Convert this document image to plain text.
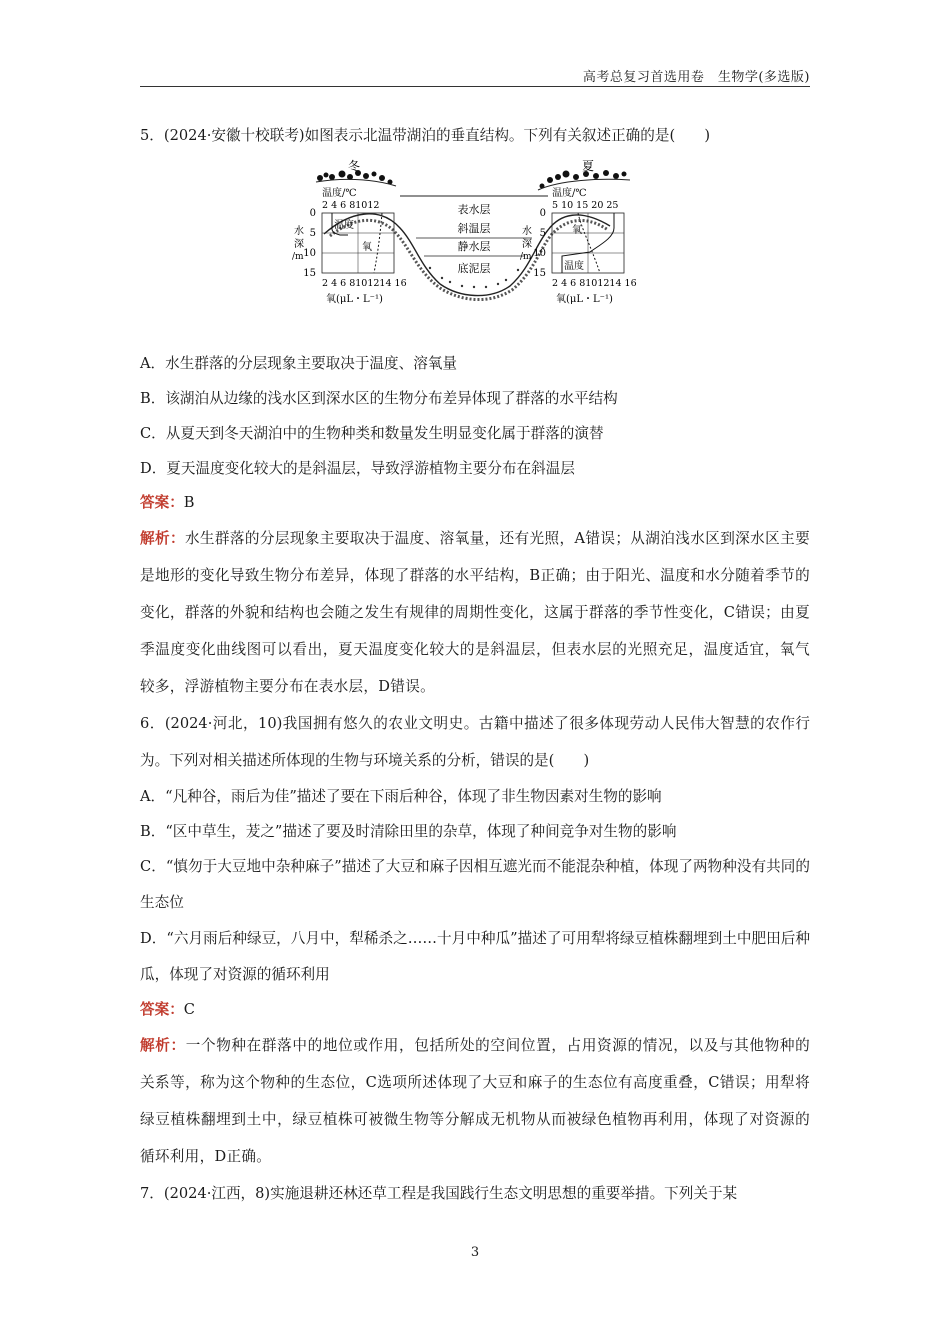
高考总复习首选用卷　生物学(多选版)

5．(2024·安徽十校联考)如图表示北温带湖泊的垂直结构。下列有关叙述正确的是(　　)

冬	夏
表水层
斜温层
静水层
底泥层
温度/℃
2 4 6 81012
温度
氧
0
5
10
15
水
深
/m
2 4 6 8101214 16
氧(μL・L⁻¹)
温度/℃
5 10 15 20 25
氧
温度
0
5
10
15
水
深
/m
2 4 6 8101214 16
氧(μL・L⁻¹)

A．水生群落的分层现象主要取决于温度、溶氧量

B．该湖泊从边缘的浅水区到深水区的生物分布差异体现了群落的水平结构

C．从夏天到冬天湖泊中的生物种类和数量发生明显变化属于群落的演替

D．夏天温度变化较大的是斜温层，导致浮游植物主要分布在斜温层

答案：B

解析：水生群落的分层现象主要取决于温度、溶氧量，还有光照，A错误；从湖泊浅水区到深水区主要是地形的变化导致生物分布差异，体现了群落的水平结构，B正确；由于阳光、温度和水分随着季节的变化，群落的外貌和结构也会随之发生有规律的周期性变化，这属于群落的季节性变化，C错误；由夏季温度变化曲线图可以看出，夏天温度变化较大的是斜温层，但表水层的光照充足，温度适宜，氧气较多，浮游植物主要分布在表水层，D错误。

6．(2024·河北，10)我国拥有悠久的农业文明史。古籍中描述了很多体现劳动人民伟大智慧的农作行为。下列对相关描述所体现的生物与环境关系的分析，错误的是(　　)

A．“凡种谷，雨后为佳”描述了要在下雨后种谷，体现了非生物因素对生物的影响

B．“区中草生，茇之”描述了要及时清除田里的杂草，体现了种间竞争对生物的影响

C．“慎勿于大豆地中杂种麻子”描述了大豆和麻子因相互遮光而不能混杂种植，体现了两物种没有共同的生态位

D．“六月雨后种绿豆，八月中，犁稀杀之……十月中种瓜”描述了可用犁将绿豆植株翻埋到土中肥田后种瓜，体现了对资源的循环利用

答案：C

解析：一个物种在群落中的地位或作用，包括所处的空间位置，占用资源的情况，以及与其他物种的关系等，称为这个物种的生态位，C选项所述体现了大豆和麻子的生态位有高度重叠，C错误；用犁将绿豆植株翻埋到土中，绿豆植株可被微生物等分解成无机物从而被绿色植物再利用，体现了对资源的循环利用，D正确。

7．(2024·江西，8)实施退耕还林还草工程是我国践行生态文明思想的重要举措。下列关于某

3
